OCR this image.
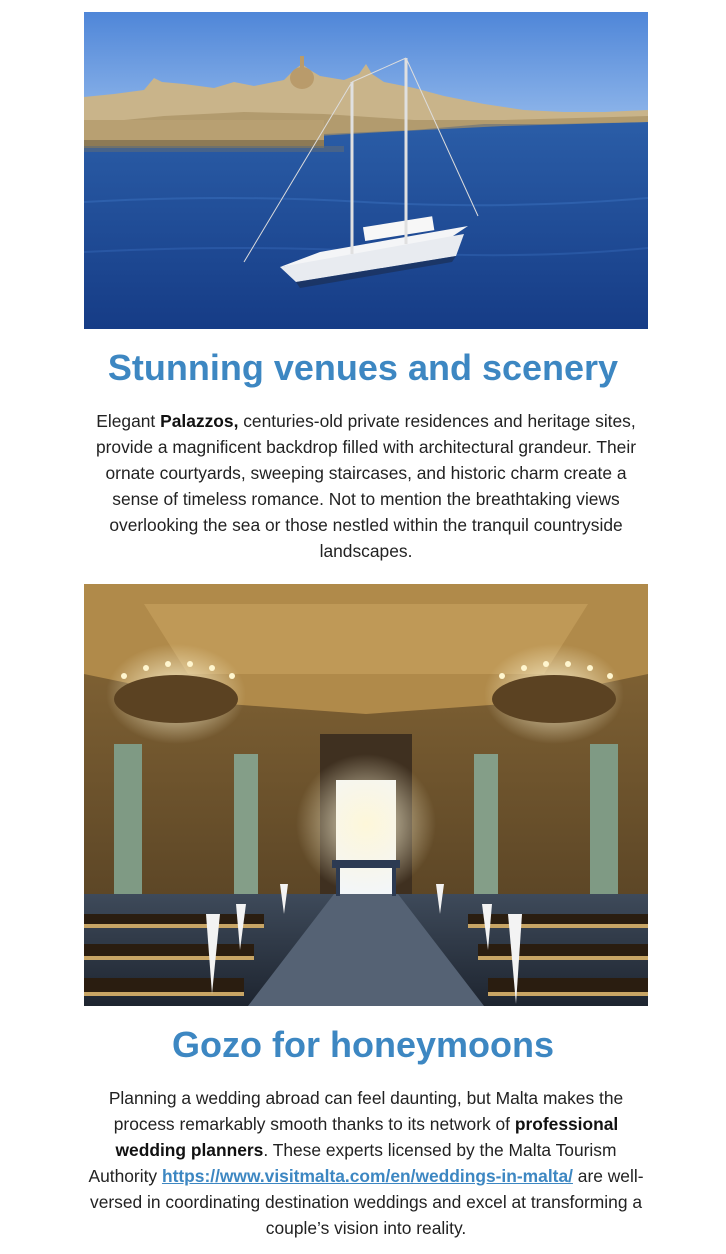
Stunning venues and scenery

Elegant Palazzos, centuries-old private residences and heritage sites, provide a magnificent backdrop filled with architectural grandeur. Their ornate courtyards, sweeping staircases, and historic charm create a sense of timeless romance. Not to mention the breathtaking views overlooking the sea or those nestled within the tranquil countryside landscapes.

Gozo for honeymoons

Planning a wedding abroad can feel daunting, but Malta makes the process remarkably smooth thanks to its network of professional wedding planners. These experts licensed by the Malta Tourism Authority https://www.visitmalta.com/en/weddings-in-malta/ are well-versed in coordinating destination weddings and excel at transforming a couple’s vision into reality.
